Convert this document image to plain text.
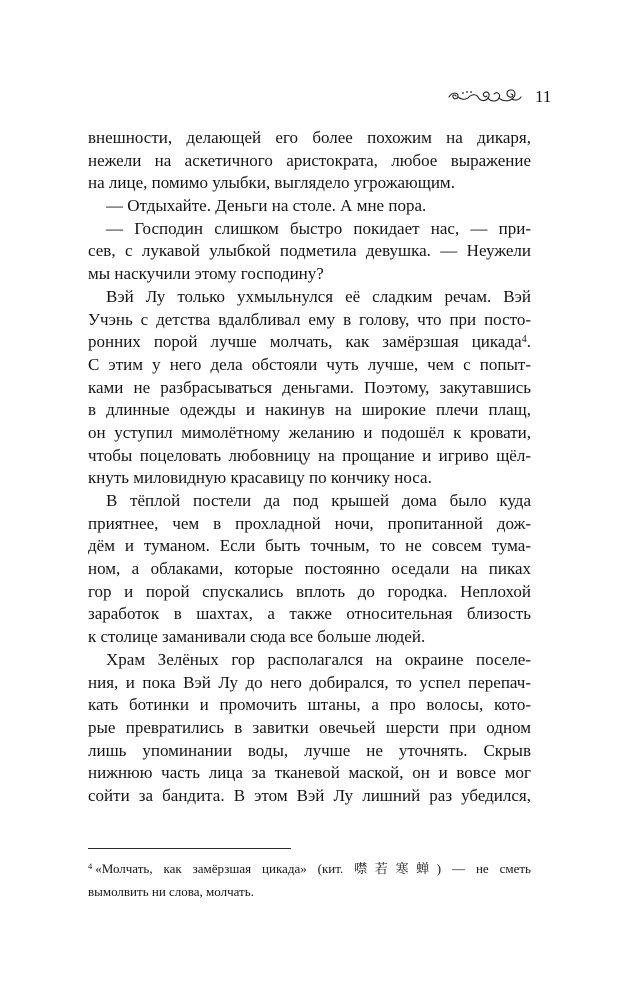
11
внешности, делающей его более похожим на дикаря,
нежели на аскетичного аристократа, любое выражение
на лице, помимо улыбки, выглядело угрожающим.
— Отдыхайте. Деньги на столе. А мне пора.
— Господин слишком быстро покидает нас, — при-
сев, с лукавой улыбкой подметила девушка. — Неужели
мы наскучили этому господину?
Вэй Лу только ухмыльнулся её сладким речам. Вэй
Учэнь с детства вдалбливал ему в голову, что при посто-
ронних порой лучше молчать, как замёрзшая цикада$^4$.
С этим у него дела обстояли чуть лучше, чем с попыт-
ками не разбрасываться деньгами. Поэтому, закутавшись
в длинные одежды и накинув на широкие плечи плащ,
он уступил мимолётному желанию и подошёл к кровати,
чтобы поцеловать любовницу на прощание и игриво щёл-
кнуть миловидную красавицу по кончику носа.
В тёплой постели да под крышей дома было куда
приятнее, чем в прохладной ночи, пропитанной дож-
дём и туманом. Если быть точным, то не совсем тума-
ном, а облаками, которые постоянно оседали на пиках
гор и порой спускались вплоть до городка. Неплохой
заработок в шахтах, а также относительная близость
к столице заманивали сюда все больше людей.
Храм Зелёных гор располагался на окраине поселе-
ния, и пока Вэй Лу до него добирался, то успел перепач-
кать ботинки и промочить штаны, а про волосы, кото-
рые превратились в завитки овечьей шерсти при одном
лишь упоминании воды, лучше не уточнять. Скрыв
нижнюю часть лица за тканевой маской, он и вовсе мог
сойти за бандита. В этом Вэй Лу лишний раз убедился,
$^4$ «Молчать, как замёрзшая цикада» (кит. 噤若寒蝉) — не сметь
вымолвить ни слова, молчать.
